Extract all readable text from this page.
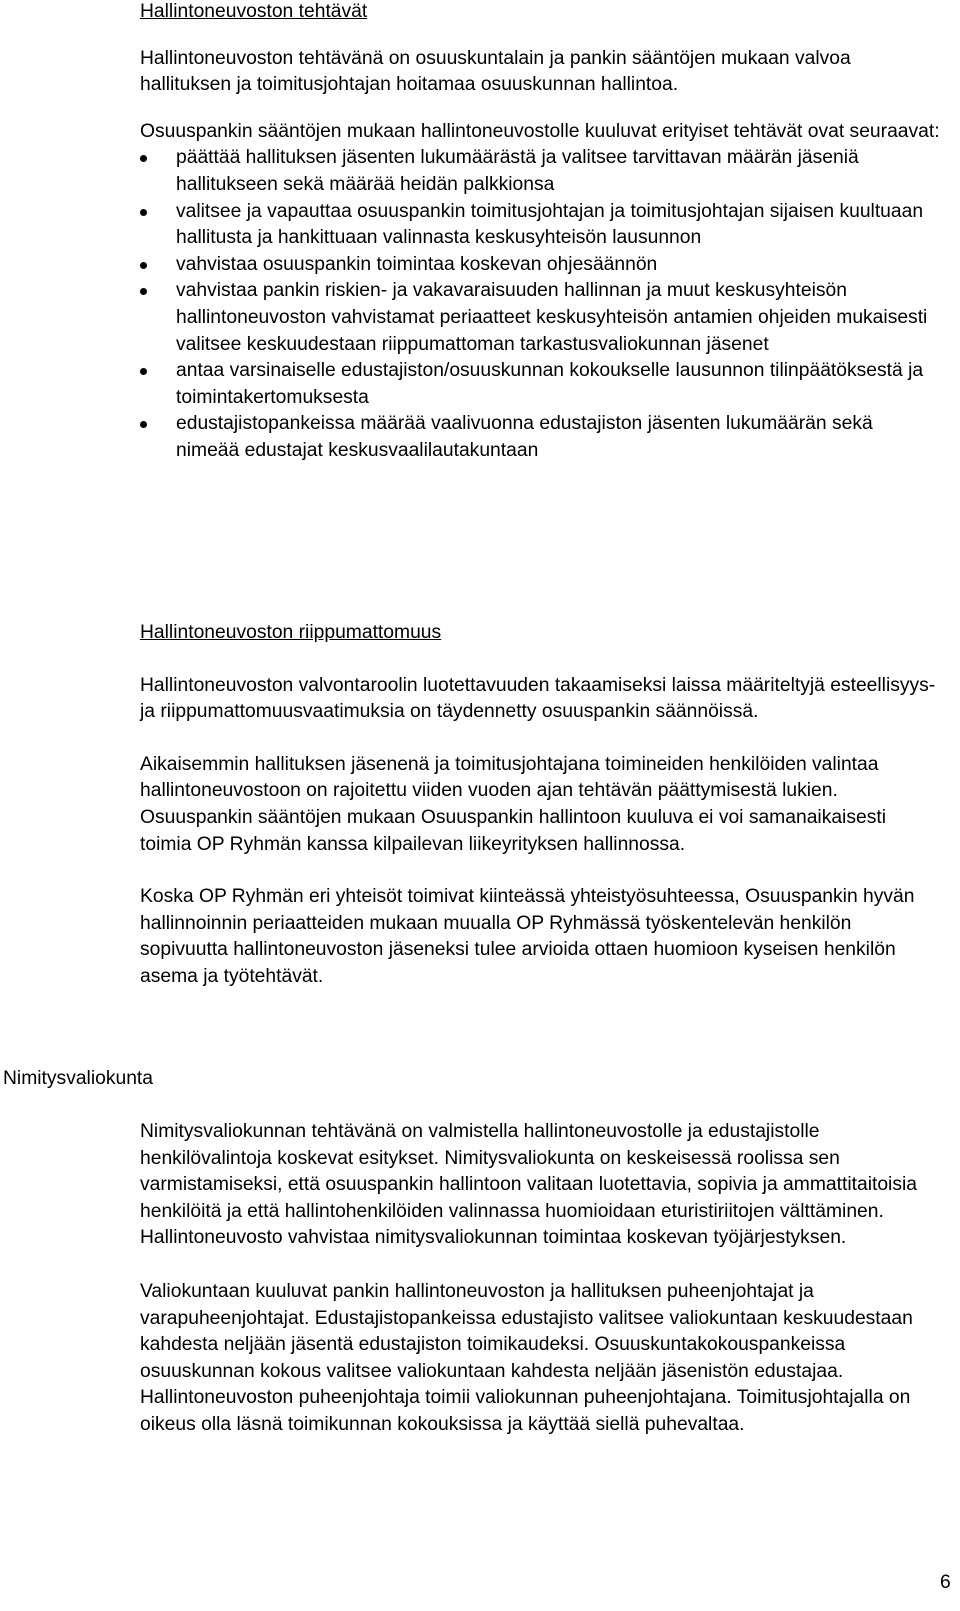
Hallintoneuvoston tehtävät

Hallintoneuvoston tehtävänä on osuuskuntalain ja pankin sääntöjen mukaan valvoa hallituksen ja toimitusjohtajan hoitamaa osuuskunnan hallintoa.

Osuuspankin sääntöjen mukaan hallintoneuvostolle kuuluvat erityiset tehtävät ovat seuraavat:

päättää hallituksen jäsenten lukumäärästä ja valitsee tarvittavan määrän jäseniä hallitukseen sekä määrää heidän palkkionsa
valitsee ja vapauttaa osuuspankin toimitusjohtajan ja toimitusjohtajan sijaisen kuultuaan hallitusta ja hankittuaan valinnasta keskusyhteisön lausunnon
vahvistaa osuuspankin toimintaa koskevan ohjesäännön
vahvistaa pankin riskien- ja vakavaraisuuden hallinnan ja muut keskusyhteisön hallintoneuvoston vahvistamat periaatteet keskusyhteisön antamien ohjeiden mukaisesti valitsee keskuudestaan riippumattoman tarkastusvaliokunnan jäsenet
antaa varsinaiselle edustajiston/osuuskunnan kokoukselle lausunnon tilinpäätöksestä ja toimintakertomuksesta
edustajistopankeissa määrää vaalivuonna edustajiston jäsenten lukumäärän sekä nimeää edustajat keskusvaalilautakuntaan

Hallintoneuvoston riippumattomuus

Hallintoneuvoston valvontaroolin luotettavuuden takaamiseksi laissa määriteltyjä esteellisyys- ja riippumattomuusvaatimuksia on täydennetty osuuspankin säännöissä.

Aikaisemmin hallituksen jäsenenä ja toimitusjohtajana toimineiden henkilöiden valintaa hallintoneuvostoon on rajoitettu viiden vuoden ajan tehtävän päättymisestä lukien. Osuuspankin sääntöjen mukaan Osuuspankin hallintoon kuuluva ei voi samanaikaisesti toimia OP Ryhmän kanssa kilpailevan liikeyrityksen hallinnossa.

Koska OP Ryhmän eri yhteisöt toimivat kiinteässä yhteistyösuhteessa, Osuuspankin hyvän hallinnoinnin periaatteiden mukaan muualla OP Ryhmässä työskentelevän henkilön sopivuutta hallintoneuvoston jäseneksi tulee arvioida ottaen huomioon kyseisen henkilön asema ja työtehtävät.

Nimitysvaliokunta

Nimitysvaliokunnan tehtävänä on valmistella hallintoneuvostolle ja edustajistolle henkilövalintoja koskevat esitykset. Nimitysvaliokunta on keskeisessä roolissa sen varmistamiseksi, että osuuspankin hallintoon valitaan luotettavia, sopivia ja ammattitaitoisia henkilöitä ja että hallintohenkilöiden valinnassa huomioidaan eturistiriitojen välttäminen. Hallintoneuvosto vahvistaa nimitysvaliokunnan toimintaa koskevan työjärjestyksen.

Valiokuntaan kuuluvat pankin hallintoneuvoston ja hallituksen puheenjohtajat ja varapuheenjohtajat. Edustajistopankeissa edustajisto valitsee valiokuntaan keskuudestaan kahdesta neljään jäsentä edustajiston toimikaudeksi. Osuuskuntakokouspankeissa osuuskunnan kokous valitsee valiokuntaan kahdesta neljään jäsenistön edustajaa. Hallintoneuvoston puheenjohtaja toimii valiokunnan puheenjohtajana. Toimitusjohtajalla on oikeus olla läsnä toimikunnan kokouksissa ja käyttää siellä puhevaltaa.

6
